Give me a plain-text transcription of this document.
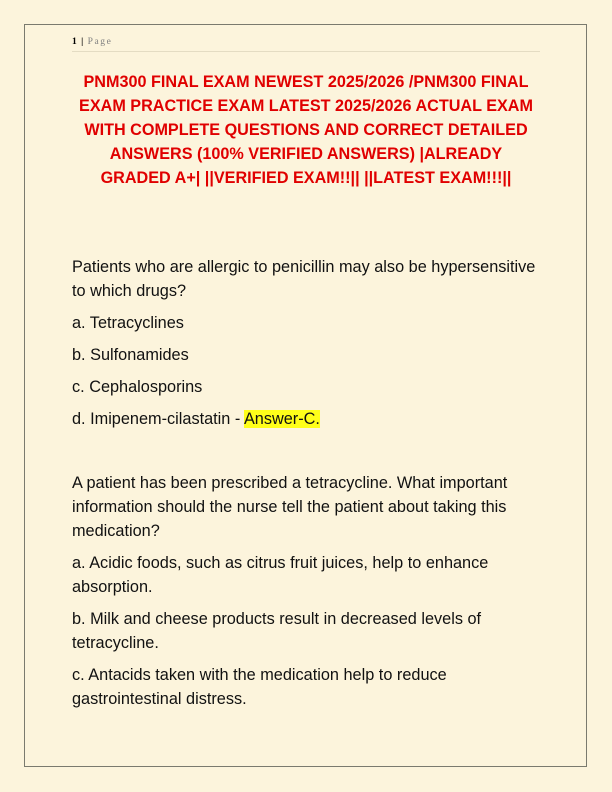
1 | Page

PNM300 FINAL EXAM NEWEST 2025/2026 /PNM300 FINAL EXAM PRACTICE EXAM LATEST 2025/2026 ACTUAL EXAM WITH COMPLETE QUESTIONS AND CORRECT DETAILED ANSWERS (100% VERIFIED ANSWERS) |ALREADY GRADED A+| ||VERIFIED EXAM!!|| ||LATEST EXAM!!!||

Patients who are allergic to penicillin may also be hypersensitive to which drugs?

a. Tetracyclines

b. Sulfonamides

c. Cephalosporins

d. Imipenem-cilastatin - Answer-C.

A patient has been prescribed a tetracycline. What important information should the nurse tell the patient about taking this medication?

a. Acidic foods, such as citrus fruit juices, help to enhance absorption.

b. Milk and cheese products result in decreased levels of tetracycline.

c. Antacids taken with the medication help to reduce gastrointestinal distress.
